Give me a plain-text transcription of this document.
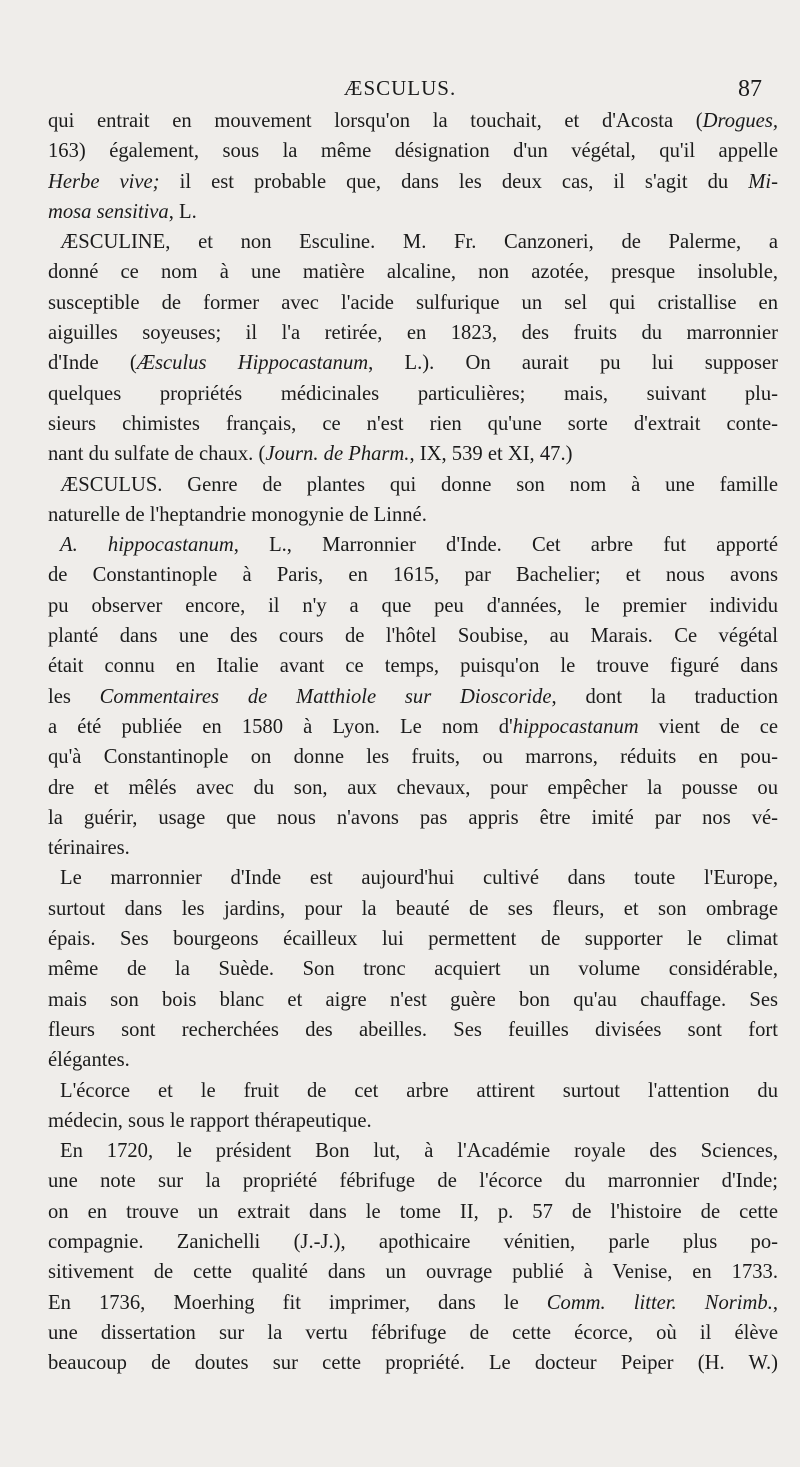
ÆSCULUS.	87
qui entrait en mouvement lorsqu'on la touchait, et d'Acosta (Drogues,
163) également, sous la même désignation d'un végétal, qu'il appelle
Herbe vive; il est probable que, dans les deux cas, il s'agit du Mi-
mosa sensitiva, L.
ÆSCULINE, et non Esculine. M. Fr. Canzoneri, de Palerme, a
donné ce nom à une matière alcaline, non azotée, presque insoluble,
susceptible de former avec l'acide sulfurique un sel qui cristallise en
aiguilles soyeuses; il l'a retirée, en 1823, des fruits du marronnier
d'Inde (Æsculus Hippocastanum, L.). On aurait pu lui supposer
quelques propriétés médicinales particulières; mais, suivant plu-
sieurs chimistes français, ce n'est rien qu'une sorte d'extrait conte-
nant du sulfate de chaux. (Journ. de Pharm., IX, 539 et XI, 47.)
ÆSCULUS. Genre de plantes qui donne son nom à une famille
naturelle de l'heptandrie monogynie de Linné.
A. hippocastanum, L., Marronnier d'Inde. Cet arbre fut apporté
de Constantinople à Paris, en 1615, par Bachelier; et nous avons
pu observer encore, il n'y a que peu d'années, le premier individu
planté dans une des cours de l'hôtel Soubise, au Marais. Ce végétal
était connu en Italie avant ce temps, puisqu'on le trouve figuré dans
les Commentaires de Matthiole sur Dioscoride, dont la traduction
a été publiée en 1580 à Lyon. Le nom d'hippocastanum vient de ce
qu'à Constantinople on donne les fruits, ou marrons, réduits en pou-
dre et mêlés avec du son, aux chevaux, pour empêcher la pousse ou
la guérir, usage que nous n'avons pas appris être imité par nos vé-
térinaires.
Le marronnier d'Inde est aujourd'hui cultivé dans toute l'Europe,
surtout dans les jardins, pour la beauté de ses fleurs, et son ombrage
épais. Ses bourgeons écailleux lui permettent de supporter le climat
même de la Suède. Son tronc acquiert un volume considérable,
mais son bois blanc et aigre n'est guère bon qu'au chauffage. Ses
fleurs sont recherchées des abeilles. Ses feuilles divisées sont fort
élégantes.
L'écorce et le fruit de cet arbre attirent surtout l'attention du
médecin, sous le rapport thérapeutique.
En 1720, le président Bon lut, à l'Académie royale des Sciences,
une note sur la propriété fébrifuge de l'écorce du marronnier d'Inde;
on en trouve un extrait dans le tome II, p. 57 de l'histoire de cette
compagnie. Zanichelli (J.-J.), apothicaire vénitien, parle plus po-
sitivement de cette qualité dans un ouvrage publié à Venise, en 1733.
En 1736, Moerhing fit imprimer, dans le Comm. litter. Norimb.,
une dissertation sur la vertu fébrifuge de cette écorce, où il élève
beaucoup de doutes sur cette propriété. Le docteur Peiper (H. W.)
